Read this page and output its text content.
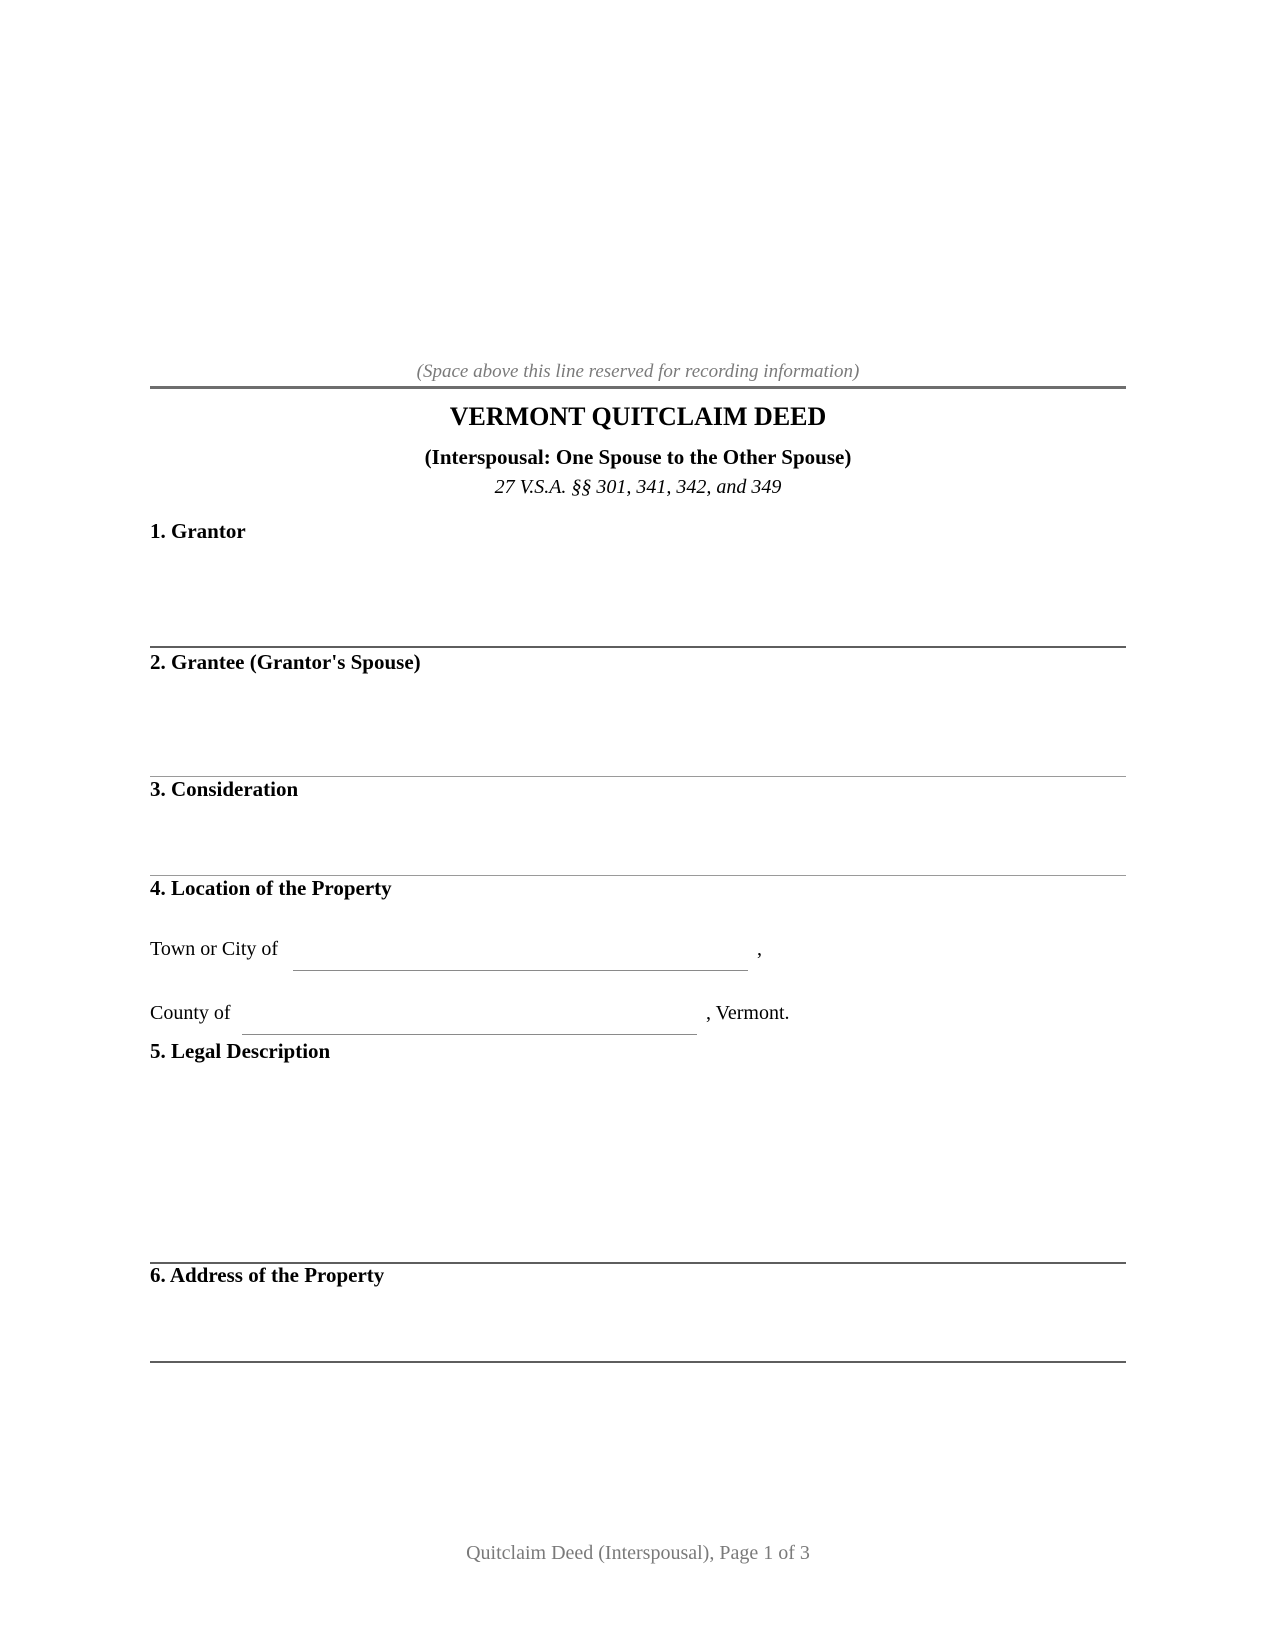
(Space above this line reserved for recording information)
VERMONT QUITCLAIM DEED
(Interspousal: One Spouse to the Other Spouse)
27 V.S.A. §§ 301, 341, 342, and 349
1. Grantor
2. Grantee (Grantor's Spouse)
3. Consideration
4. Location of the Property
Town or City of	,
County of	, Vermont.
5. Legal Description
6. Address of the Property
Quitclaim Deed (Interspousal), Page 1 of 3
